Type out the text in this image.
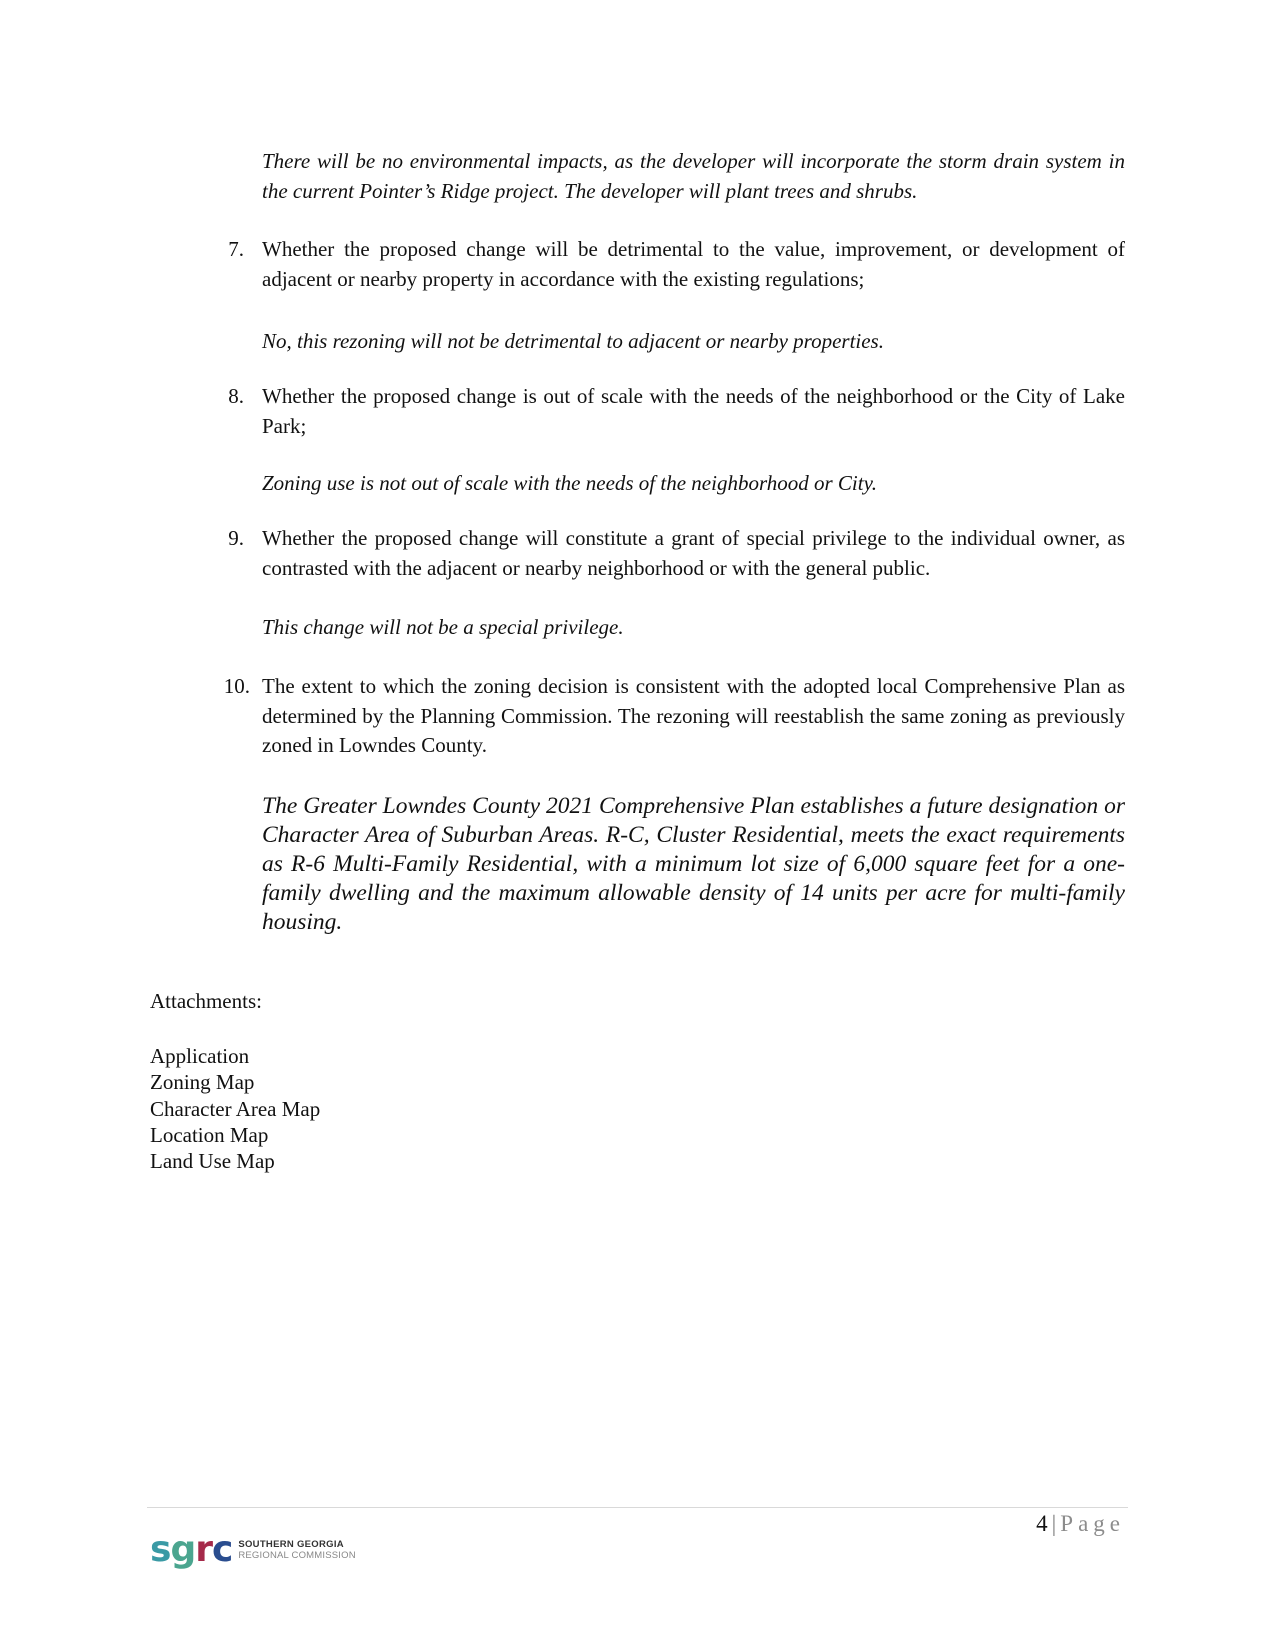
There will be no environmental impacts, as the developer will incorporate the storm drain system in the current Pointer’s Ridge project. The developer will plant trees and shrubs.

7. Whether the proposed change will be detrimental to the value, improvement, or development of adjacent or nearby property in accordance with the existing regulations;

No, this rezoning will not be detrimental to adjacent or nearby properties.

8. Whether the proposed change is out of scale with the needs of the neighborhood or the City of Lake Park;

Zoning use is not out of scale with the needs of the neighborhood or City.

9. Whether the proposed change will constitute a grant of special privilege to the individual owner, as contrasted with the adjacent or nearby neighborhood or with the general public.

This change will not be a special privilege.

10. The extent to which the zoning decision is consistent with the adopted local Comprehensive Plan as determined by the Planning Commission. The rezoning will reestablish the same zoning as previously zoned in Lowndes County.

The Greater Lowndes County 2021 Comprehensive Plan establishes a future designation or Character Area of Suburban Areas. R-C, Cluster Residential, meets the exact requirements as R-6 Multi-Family Residential, with a minimum lot size of 6,000 square feet for a one-family dwelling and the maximum allowable density of 14 units per acre for multi-family housing.

Attachments:

Application
Zoning Map
Character Area Map
Location Map
Land Use Map
4 | Page
sgrc SOUTHERN GEORGIA
REGIONAL COMMISSION
